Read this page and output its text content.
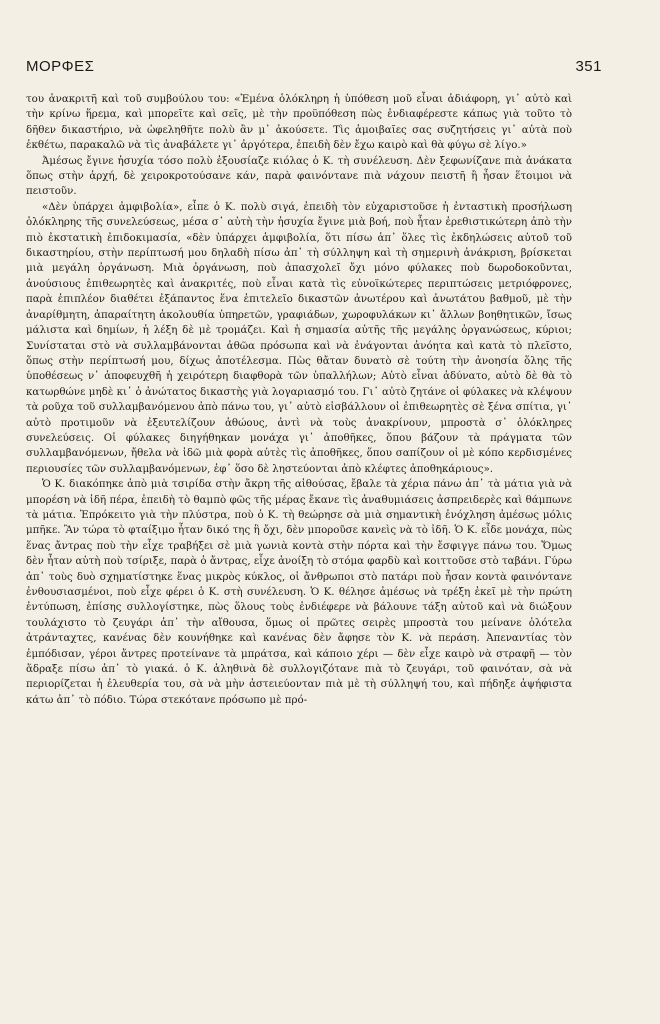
ΜΟΡΦΕΣ	351

του ἀνακριτῆ καὶ τοῦ συμβούλου του: «Ἐμένα ὁλόκληρη ἡ ὑπόθεση μοῦ εἶναι ἀδιάφορη, γι᾽ αὐτὸ καὶ τὴν κρίνω ἥρεμα, καὶ μπορεῖτε καὶ σεῖς, μὲ τὴν προϋπόθεση πὼς ἐνδιαφέρεστε κάπως γιὰ τοῦτο τὸ δῆθεν δικαστήριο, νὰ ὠφεληθῆτε πολὺ ἂν μ᾽ ἀκούσετε. Τὶς ἀμοιβαῖες σας συζητήσεις γι᾽ αὐτὰ ποὺ ἐκθέτω, παρακαλῶ νὰ τὶς ἀναβάλετε γι᾽ ἀργότερα, ἐπειδὴ δὲν ἔχω καιρὸ καὶ θὰ φύγω σὲ λίγο.»

Ἀμέσως ἔγινε ἡσυχία τόσο πολὺ ἐξουσίαζε κιόλας ὁ Κ. τὴ συνέλευση. Δὲν ξεφωνίζανε πιὰ ἀνάκατα ὅπως στὴν ἀρχή, δὲ χειροκροτούσανε κάν, παρὰ φαινόντανε πιὰ νάχουν πειστῆ ἢ ἦσαν ἕτοιμοι νὰ πειστοῦν.

«Δὲν ὑπάρχει ἀμφιβολία», εἶπε ὁ Κ. πολὺ σιγά, ἐπειδὴ τὸν εὐχαριστοῦσε ἡ ἐνταστικὴ προσήλωση ὁλόκληρης τῆς συνελεύσεως, μέσα σ᾽ αὐτὴ τὴν ἡσυχία ἔγινε μιὰ βοή, ποὺ ἦταν ἐρεθιστικώτερη ἀπὸ τὴν πιὸ ἐκστατικὴ ἐπιδοκιμασία, «δὲν ὑπάρχει ἀμφιβολία, ὅτι πίσω ἀπ᾽ ὅλες τὶς ἐκδηλώσεις αὐτοῦ τοῦ δικαστηρίου, στὴν περίπτωσή μου δηλαδὴ πίσω ἀπ᾽ τὴ σύλληψη καὶ τὴ σημερινὴ ἀνάκριση, βρίσκεται μιὰ μεγάλη ὀργάνωση. Μιὰ ὀργάνωση, ποὺ ἀπασχολεῖ ὄχι μόνο φύλακες ποὺ δωροδοκοῦνται, ἀνούσιους ἐπιθεωρητὲς καὶ ἀνακριτές, ποὺ εἶναι κατὰ τὶς εὐνοϊκώτερες περιπτώσεις μετριόφρονες, παρὰ ἐπιπλέον διαθέτει ἐξάπαντος ἕνα ἐπιτελεῖο δικαστῶν ἀνωτέρου καὶ ἀνωτάτου βαθμοῦ, μὲ τὴν ἀναρίθμητη, ἀπαραίτητη ἀκολουθία ὑπηρετῶν, γραφιάδων, χωροφυλάκων κι᾽ ἄλλων βοηθητικῶν, ἴσως μάλιστα καὶ δημίων, ἡ λέξη δὲ μὲ τρομάζει. Καὶ ἡ σημασία αὐτῆς τῆς μεγάλης ὀργανώσεως, κύριοι; Συνίσταται στὸ νὰ συλλαμβάνονται ἀθῶα πρόσωπα καὶ νὰ ἐνάγονται ἀνόητα καὶ κατὰ τὸ πλεῖστο, ὅπως στὴν περίπτωσή μου, δίχως ἀποτέλεσμα. Πὼς θἄταν δυνατὸ σὲ τούτη τὴν ἀνοησία ὅλης τῆς ὑποθέσεως ν᾽ ἀποφευχθῆ ἡ χειρότερη διαφθορὰ τῶν ὑπαλλήλων; Αὐτὸ εἶναι ἀδύνατο, αὐτὸ δὲ θὰ τὸ κατωρθώνε μηδὲ κι᾽ ὁ ἀνώτατος δικαστὴς γιὰ λογαριασμό του. Γι᾽ αὐτὸ ζητάνε οἱ φύλακες νὰ κλέψουν τὰ ροῦχα τοῦ συλλαμβανόμενου ἀπὸ πάνω του, γι᾽ αὐτὸ εἰσβάλλουν οἱ ἐπιθεωρητὲς σὲ ξένα σπίτια, γι᾽ αὐτὸ προτιμοῦν νὰ ἐξευτελίζουν ἀθώους, ἀντὶ νὰ τοὺς ἀνακρίνουν, μπροστὰ σ᾽ ὁλόκληρες συνελεύσεις. Οἱ φύλακες διηγήθηκαν μονάχα γι᾽ ἀποθῆκες, ὅπου βάζουν τὰ πράγματα τῶν συλλαμβανόμενων, ἤθελα νὰ ἰδῶ μιὰ φορὰ αὐτὲς τὶς ἀποθῆκες, ὅπου σαπίζουν οἱ μὲ κόπο κερδισμένες περιουσίες τῶν συλλαμβανόμενων, ἐφ᾽ ὅσο δὲ ληστεύονται ἀπὸ κλέφτες ἀποθηκάριους».

Ὁ Κ. διακόπηκε ἀπὸ μιὰ τσιρίδα στὴν ἄκρη τῆς αἰθούσας, ἔβαλε τὰ χέρια πάνω ἀπ᾽ τὰ μάτια γιὰ νὰ μπορέση νὰ ἰδῆ πέρα, ἐπειδὴ τὸ θαμπὸ φῶς τῆς μέρας ἔκανε τὶς ἀναθυμιάσεις ἀσπρειδερὲς καὶ θάμπωνε τὰ μάτια. Ἐπρόκειτο γιὰ τὴν πλύστρα, ποὺ ὁ Κ. τὴ θεώρησε σὰ μιὰ σημαντικὴ ἐνόχληση ἀμέσως μόλις μπῆκε. Ἂν τώρα τὸ φταίξιμο ἦταν δικό της ἢ ὄχι, δὲν μποροῦσε κανεὶς νὰ τὸ ἰδῆ. Ὁ Κ. εἶδε μονάχα, πὼς ἕνας ἄντρας ποὺ τὴν εἶχε τραβήξει σὲ μιὰ γωνιὰ κοντὰ στὴν πόρτα καὶ τὴν ἔσφιγγε πάνω του. Ὅμως δὲν ἦταν αὐτὴ ποὺ τσίριξε, παρὰ ὁ ἄντρας, εἶχε ἀνοίξη τὸ στόμα φαρδὺ καὶ κοιττοῦσε στὸ ταβάνι. Γύρω ἀπ᾽ τοὺς δυὸ σχηματίστηκε ἕνας μικρὸς κύκλος, οἱ ἄνθρωποι στὸ πατάρι ποὺ ἦσαν κοντὰ φαινόντανε ἐνθουσιασμένοι, ποὺ εἶχε φέρει ὁ Κ. στὴ συνέλευση. Ὁ Κ. θέλησε ἀμέσως νὰ τρέξη ἐκεῖ μὲ τὴν πρώτη ἐντύπωση, ἐπίσης συλλογίστηκε, πὼς ὅλους τοὺς ἐνδιέφερε νὰ βάλουνε τάξη αὐτοῦ καὶ νὰ διώξουν τουλάχιστο τὸ ζευγάρι ἀπ᾽ τὴν αἴθουσα, ὅμως οἱ πρῶτες σειρὲς μπροστὰ του μείνανε ὁλότελα ἀτράνταχτες, κανένας δὲν κουνήθηκε καὶ κανένας δὲν ἄφησε τὸν Κ. νὰ περάση. Ἀπεναντίας τὸν ἐμπόδισαν, γέροι ἄντρες προτείνανε τὰ μπράτσα, καὶ κάποιο χέρι — δὲν εἶχε καιρὸ νὰ στραφῆ — τὸν ἅδραξε πίσω ἀπ᾽ τὸ γιακά. ὁ Κ. ἀληθινὰ δὲ συλλογιζότανε πιὰ τὸ ζευγάρι, τοῦ φαινόταν, σὰ νὰ περιορίζεται ἡ ἐλευθερία του, σὰ νὰ μὴν ἀστειεύονταν πιὰ μὲ τὴ σύλληψή του, καὶ πήδηξε ἀψήφιστα κάτω ἀπ᾽ τὸ πόδιο. Τώρα στεκότανε πρόσωπο μὲ πρό-
